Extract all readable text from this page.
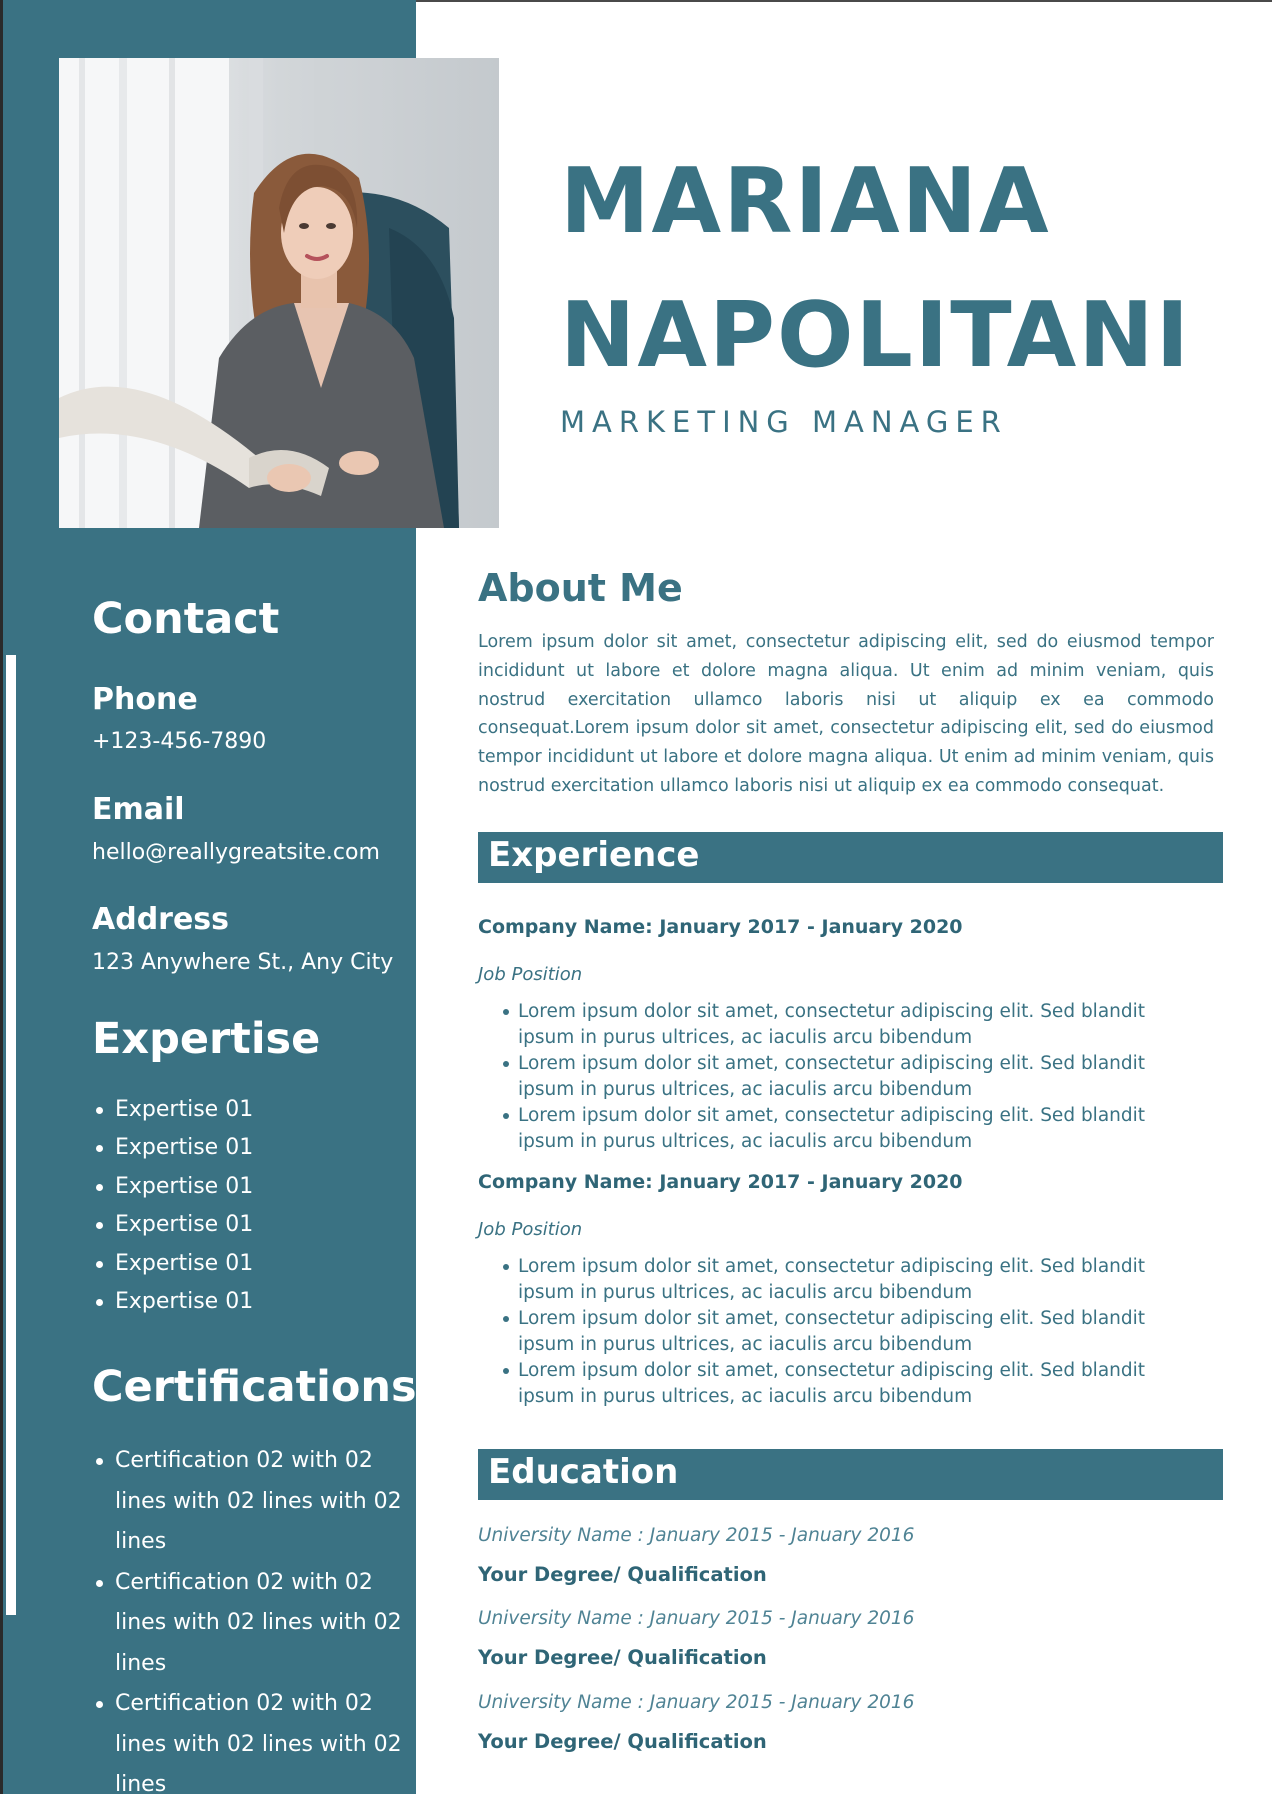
MARIANA
NAPOLITANI
MARKETING MANAGER
Contact
Phone
+123-456-7890
Email
hello@reallygreatsite.com
Address
123 Anywhere St., Any City
Expertise
Expertise 01
Expertise 01
Expertise 01
Expertise 01
Expertise 01
Expertise 01
Certifications
Certification 02 with 02 lines with 02 lines with 02 lines
Certification 02 with 02 lines with 02 lines with 02 lines
Certification 02 with 02 lines with 02 lines with 02 lines
About Me

Lorem ipsum dolor sit amet, consectetur adipiscing elit, sed do eiusmod tempor incididunt ut labore et dolore magna aliqua. Ut enim ad minim veniam, quis nostrud exercitation ullamco laboris nisi ut aliquip ex ea commodo consequat.Lorem ipsum dolor sit amet, consectetur adipiscing elit, sed do eiusmod tempor incididunt ut labore et dolore magna aliqua. Ut enim ad minim veniam, quis nostrud exercitation ullamco laboris nisi ut aliquip ex ea commodo consequat.

Experience
Company Name: January 2017 - January 2020
Job Position
Lorem ipsum dolor sit amet, consectetur adipiscing elit. Sed blandit ipsum in purus ultrices, ac iaculis arcu bibendum
Lorem ipsum dolor sit amet, consectetur adipiscing elit. Sed blandit ipsum in purus ultrices, ac iaculis arcu bibendum
Lorem ipsum dolor sit amet, consectetur adipiscing elit. Sed blandit ipsum in purus ultrices, ac iaculis arcu bibendum
Company Name: January 2017 - January 2020
Job Position
Lorem ipsum dolor sit amet, consectetur adipiscing elit. Sed blandit ipsum in purus ultrices, ac iaculis arcu bibendum
Lorem ipsum dolor sit amet, consectetur adipiscing elit. Sed blandit ipsum in purus ultrices, ac iaculis arcu bibendum
Lorem ipsum dolor sit amet, consectetur adipiscing elit. Sed blandit ipsum in purus ultrices, ac iaculis arcu bibendum
Education
University Name : January 2015 - January 2016
Your Degree/ Qualification
University Name : January 2015 - January 2016
Your Degree/ Qualification
University Name : January 2015 - January 2016
Your Degree/ Qualification
